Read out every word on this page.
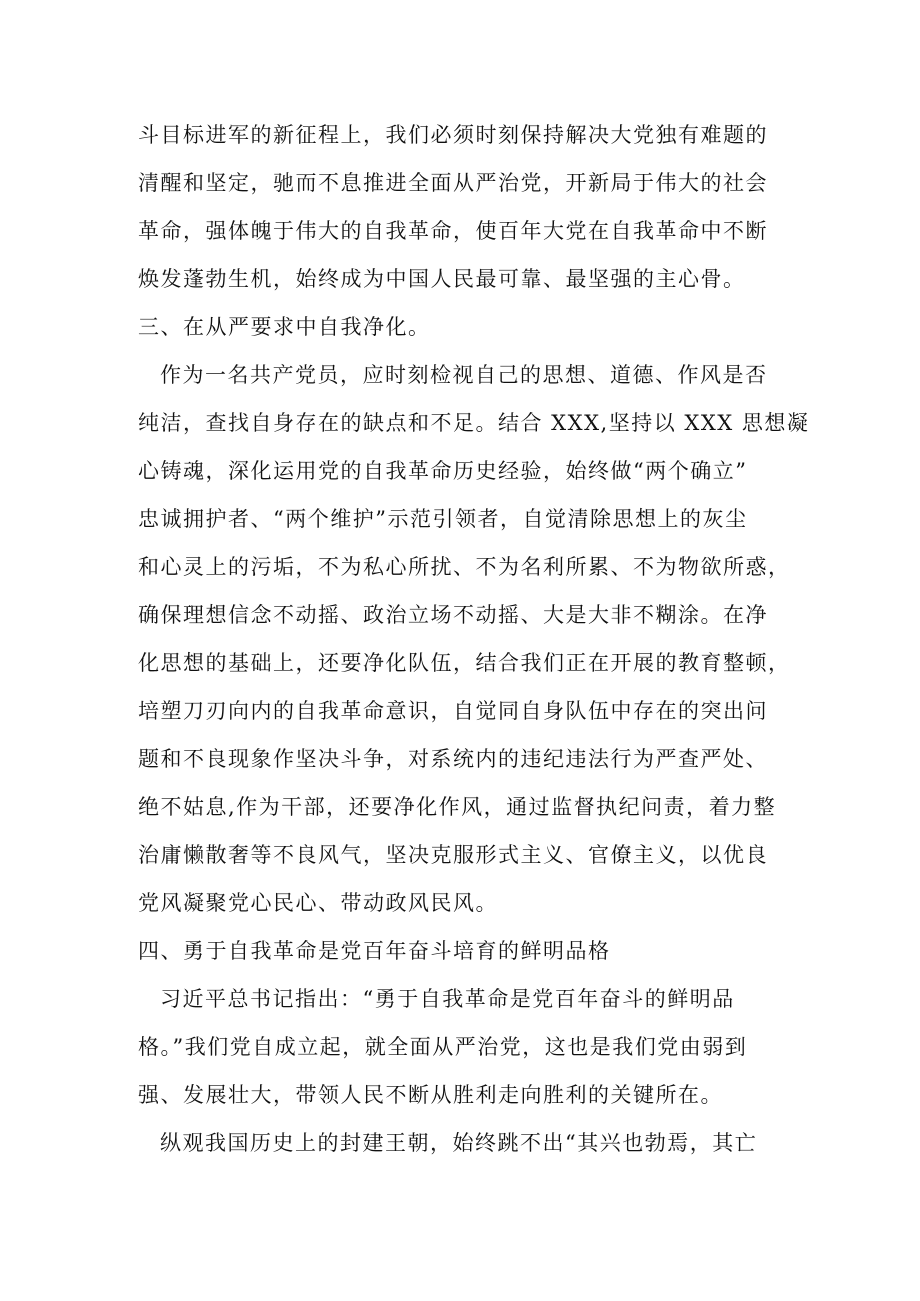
斗目标进军的新征程上，我们必须时刻保持解决大党独有难题的
清醒和坚定，驰而不息推进全面从严治党，开新局于伟大的社会
革命，强体魄于伟大的自我革命，使百年大党在自我革命中不断
焕发蓬勃生机，始终成为中国人民最可靠、最坚强的主心骨。
三、在从严要求中自我净化。
作为一名共产党员，应时刻检视自己的思想、道德、作风是否
纯洁，查找自身存在的缺点和不足。结合 XXX,坚持以 XXX 思想凝
心铸魂，深化运用党的自我革命历史经验，始终做“两个确立”
忠诚拥护者、“两个维护”示范引领者，自觉清除思想上的灰尘
和心灵上的污垢，不为私心所扰、不为名利所累、不为物欲所惑，
确保理想信念不动摇、政治立场不动摇、大是大非不糊涂。在净
化思想的基础上，还要净化队伍，结合我们正在开展的教育整顿，
培塑刀刃向内的自我革命意识，自觉同自身队伍中存在的突出问
题和不良现象作坚决斗争，对系统内的违纪违法行为严查严处、
绝不姑息,作为干部，还要净化作风，通过监督执纪问责，着力整
治庸懒散奢等不良风气，坚决克服形式主义、官僚主义，以优良
党风凝聚党心民心、带动政风民风。
四、勇于自我革命是党百年奋斗培育的鲜明品格
习近平总书记指出：“勇于自我革命是党百年奋斗的鲜明品
格。”我们党自成立起，就全面从严治党，这也是我们党由弱到
强、发展壮大，带领人民不断从胜利走向胜利的关键所在。
纵观我国历史上的封建王朝，始终跳不出“其兴也勃焉，其亡
